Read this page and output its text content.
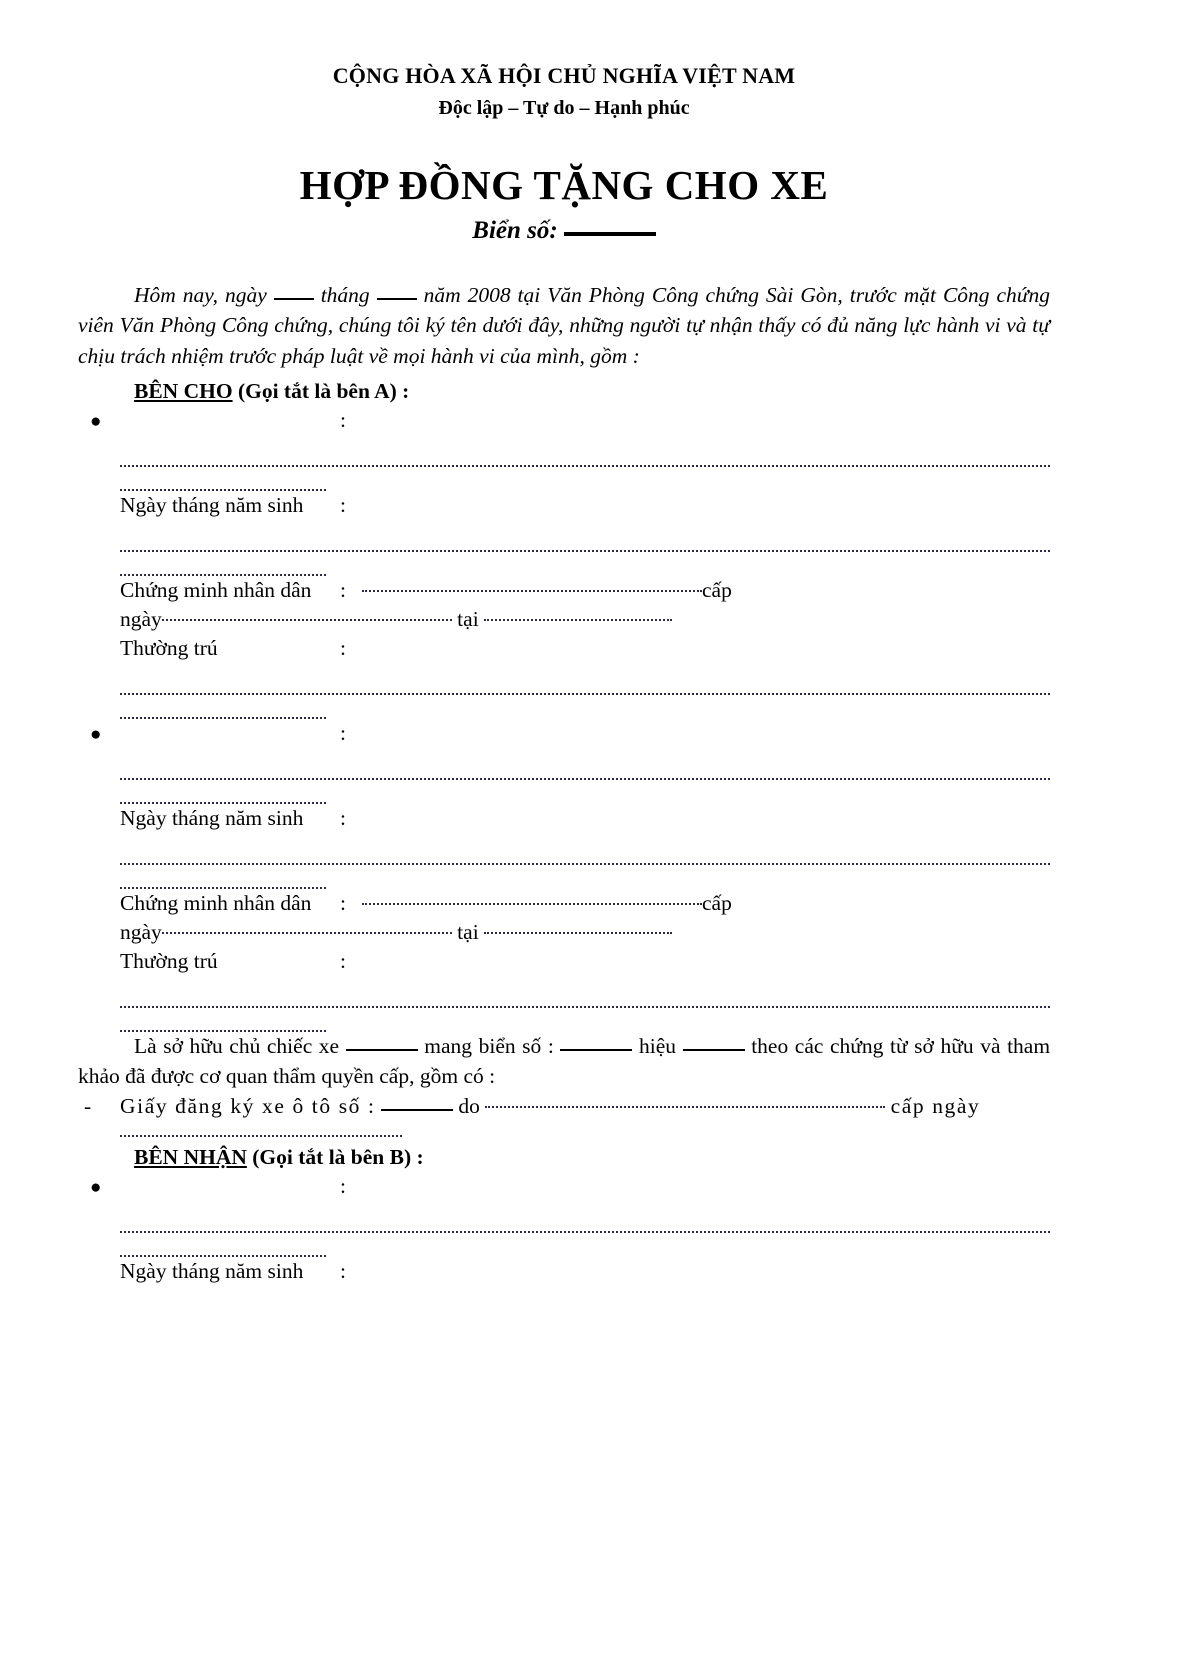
CỘNG HÒA XÃ HỘI CHỦ NGHĨA VIỆT NAM
Độc lập – Tự do – Hạnh phúc
HỢP ĐỒNG TẶNG CHO XE
Biển số:
Hôm nay, ngày	tháng	năm 2008 tại Văn Phòng Công chứng Sài Gòn, trước mặt Công chứng viên Văn Phòng Công chứng, chúng tôi ký tên dưới đây, những người tự nhận thấy có đủ năng lực hành vi và tự chịu trách nhiệm trước pháp luật về mọi hành vi của mình, gồm :
BÊN CHO (Gọi tắt là bên A) :
●	:
Ngày tháng năm sinh :
Chứng minh nhân dân :	cấp
ngày	tại
Thường trú	:
●	:
Ngày tháng năm sinh :
Chứng minh nhân dân :	cấp
ngày	tại
Thường trú	:
Là sở hữu chủ chiếc xe	mang biển số :	hiệu	theo các chứng từ sở hữu và tham khảo đã được cơ quan thẩm quyền cấp, gồm có :
- Giấy đăng ký xe ô tô số :	do	cấp ngày
BÊN NHẬN (Gọi tắt là bên B) :
●	:
Ngày tháng năm sinh :
